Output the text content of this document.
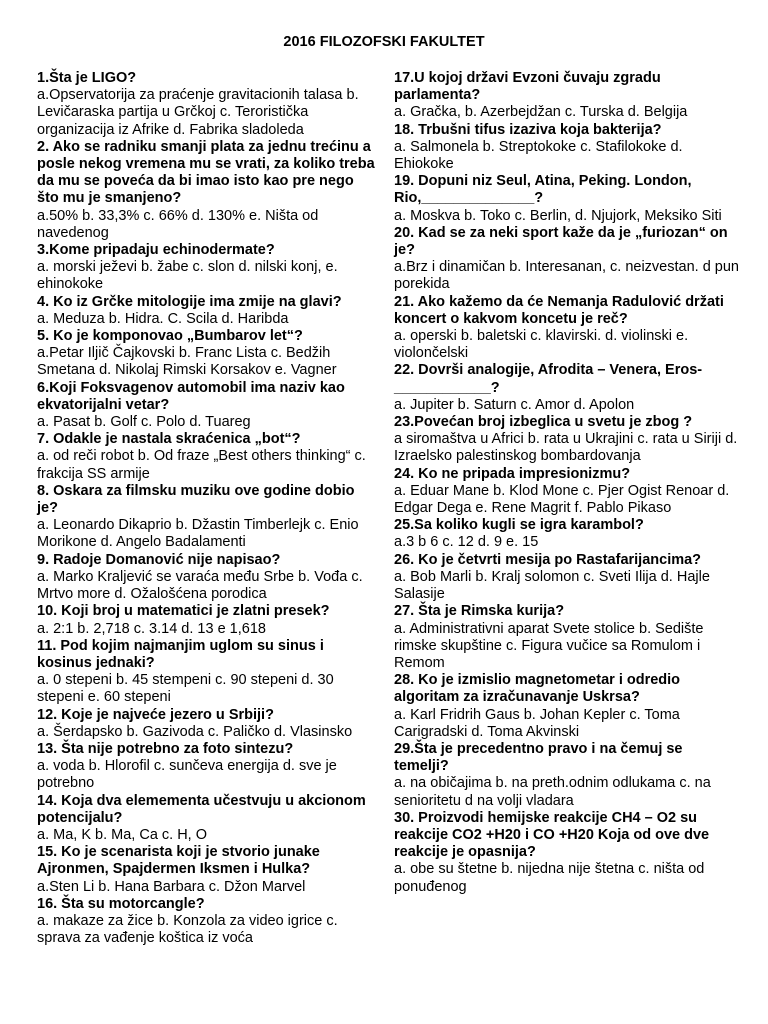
2016 FILOZOFSKI FAKULTET
1.Šta je LIGO?
a.Opservatorija za praćenje gravitacionih talasa b. Levičaraska partija u Grčkoj c. Teroristička organizacija iz Afrike d. Fabrika sladoleda
2. Ako se radniku smanji plata za jednu trećinu a posle nekog vremena mu se vrati, za koliko treba da mu se poveća da bi imao isto kao pre nego što mu je smanjeno?
a.50% b. 33,3% c. 66% d. 130% e. Ništa od navedenog
3.Kome pripadaju echinodermate?
a. morski ježevi b. žabe c. slon d. nilski konj, e. ehinokoke
4. Ko iz Grčke mitologije ima zmije na glavi?
a. Meduza b. Hidra. C. Scila d. Haribda
5. Ko je komponovao „Bumbarov let“?
a.Petar Iljič Čajkovski b. Franc Lista c. Bedžih Smetana d. Nikolaj Rimski Korsakov e. Vagner
6.Koji Foksvagenov automobil ima naziv kao ekvatorijalni vetar?
a. Pasat b. Golf c. Polo d. Tuareg
7. Odakle je nastala skraćenica „bot“?
a. od reči robot b. Od fraze „Best others thinking“ c. frakcija SS armije
8. Oskara za filmsku muziku ove godine dobio je?
a. Leonardo Dikaprio b. Džastin Timberlejk c. Enio Morikone d. Angelo Badalamenti
9. Radoje Domanović nije napisao?
a. Marko Kraljević se varaća među Srbe b. Vođa c. Mrtvo more d. Ožalošćena porodica
10. Koji broj u matematici je zlatni presek?
a. 2:1 b. 2,718 c. 3.14 d. 13 e 1,618
11. Pod kojim najmanjim uglom su sinus i kosinus jednaki?
a. 0 stepeni b. 45 stempeni c. 90 stepeni d. 30 stepeni e. 60 stepeni
12. Koje je najveće jezero u Srbiji?
a. Šerdapsko b. Gazivoda c. Paličko d. Vlasinsko
13. Šta nije potrebno za foto sintezu?
a. voda b. Hlorofil c. sunčeva energija d. sve je potrebno
14. Koja dva elemementa učestvuju u akcionom potencijalu?
a. Ma, K b. Ma, Ca c. H, O
15. Ko je scenarista koji je stvorio junake Ajronmen, Spajdermen Iksmen i Hulka?
a.Sten Li b. Hana Barbara c. Džon Marvel
16. Šta su motorcangle?
a. makaze za žice b. Konzola za video igrice c. sprava za vađenje koštica iz voća
17.U kojoj državi Evzoni čuvaju zgradu parlamenta?
a. Gračka, b. Azerbejdžan c. Turska d. Belgija
18. Trbušni tifus izaziva koja bakterija?
a. Salmonela b. Streptokoke c. Stafilokoke d. Ehiokoke
19. Dopuni niz Seul, Atina, Peking. London, Rio,______________?
a. Moskva b. Toko c. Berlin, d. Njujork, Meksiko Siti
20. Kad se za neki sport kaže da je „furiozan“ on je?
a.Brz i dinamičan b. Interesanan, c. neizvestan. d pun porekida
21. Ako kažemo da će Nemanja Radulović držati koncert o kakvom koncetu je reč?
a. operski b. baletski c. klavirski. d. violinski e. violončelski
22. Dovrši analogije, Afrodita – Venera, Eros-____________?
a. Jupiter b. Saturn c. Amor d. Apolon
23.Povećan broj izbeglica u svetu je zbog ?
a siromaštva u Africi b. rata u Ukrajini c. rata u Siriji d. Izraelsko palestinskog bombardovanja
24. Ko ne pripada impresionizmu?
a. Eduar Mane b. Klod Mone c. Pjer Ogist Renoar d. Edgar Dega e. Rene Magrit f. Pablo Pikaso
25.Sa koliko kugli se igra karambol?
a.3 b 6 c. 12 d. 9 e. 15
26. Ko je četvrti mesija po Rastafarijancima?
a. Bob Marli b. Kralj solomon c. Sveti Ilija d. Hajle Salasije
27. Šta je Rimska kurija?
a. Administrativni aparat Svete stolice b. Sedište rimske skupštine c. Figura vučice sa Romulom i Remom
28. Ko je izmislio magnetometar i odredio algoritam za izračunavanje Uskrsa?
a. Karl Fridrih Gaus b. Johan Kepler c. Toma Carigradski d. Toma Akvinski
29.Šta je precedentno pravo i na čemuj se temelji?
a. na običajima b. na preth.odnim odlukama c. na senioritetu d na volji vladara
30. Proizvodi hemijske reakcije CH4 – O2 su reakcije CO2 +H20 i CO +H20 Koja od ove dve reakcije je opasnija?
a. obe su štetne b. nijedna nije štetna c. ništa od ponuđenog
